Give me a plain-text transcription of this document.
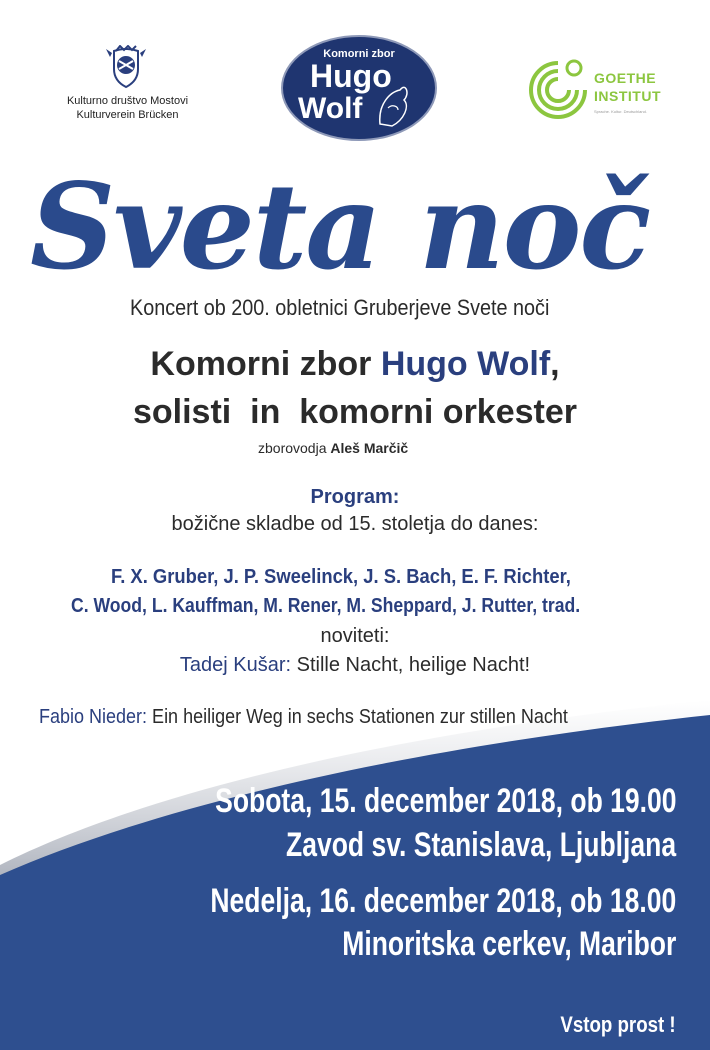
Kulturno društvo Mostovi
Kulturverein Brücken
Komorni zbor
Hugo
Wolf
GOETHE
INSTITUT
Sprache. Kultur. Deutschland.
Sveta noč
Koncert ob 200. obletnici Gruberjeve Svete noči
Komorni zbor Hugo Wolf,
solisti  in  komorni orkester
zborovodja Aleš Marčič
Program:
božične skladbe od 15. stoletja do danes:

F. X. Gruber, J. P. Sweelinck, J. S. Bach, E. F. Richter,

C. Wood, L. Kauffman, M. Rener, M. Sheppard, J. Rutter, trad.

noviteti:
Tadej Kušar: Stille Nacht, heilige Nacht!

Fabio Nieder: Ein heiliger Weg in sechs Stationen zur stillen Nacht

Sobota, 15. december 2018, ob 19.00
Zavod sv. Stanislava, Ljubljana
Nedelja, 16. december 2018, ob 18.00
Minoritska cerkev, Maribor

Vstop prost !
